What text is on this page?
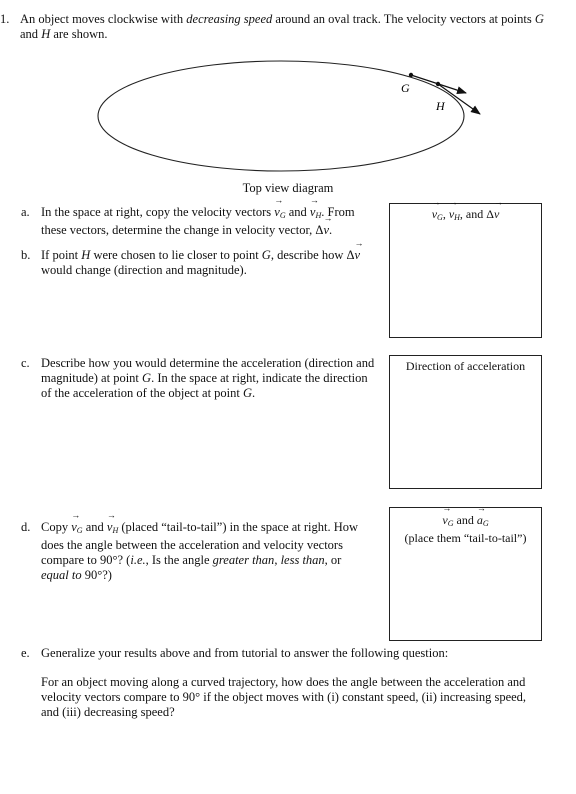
1. An object moves clockwise with decreasing speed around an oval track. The velocity vectors at points G and H are shown.
G
H
Top view diagram
a. In the space at right, copy the velocity vectors → $v_G$ and → $v_H$. From these vectors, determine the change in velocity vector, Δ→ v.
b. If point H were chosen to lie closer to point G, describe how Δ→ v would change (direction and magnitude).
→ $v_G$, → $v_H$, and Δ→ v
c. Describe how you would determine the acceleration (direction and magnitude) at point G. In the space at right, indicate the direction of the acceleration of the object at point G.
Direction of acceleration
d. Copy → $v_G$ and → $v_H$ (placed “tail-to-tail”) in the space at right. How does the angle between the acceleration and velocity vectors compare to 90°? (i.e., Is the angle greater than, less than, or equal to 90°?)
→ $v_G$ and → $a_G$
(place them “tail-to-tail”)
e. Generalize your results above and from tutorial to answer the following question:
For an object moving along a curved trajectory, how does the angle between the acceleration and velocity vectors compare to 90° if the object moves with (i) constant speed, (ii) increasing speed, and (iii) decreasing speed?
